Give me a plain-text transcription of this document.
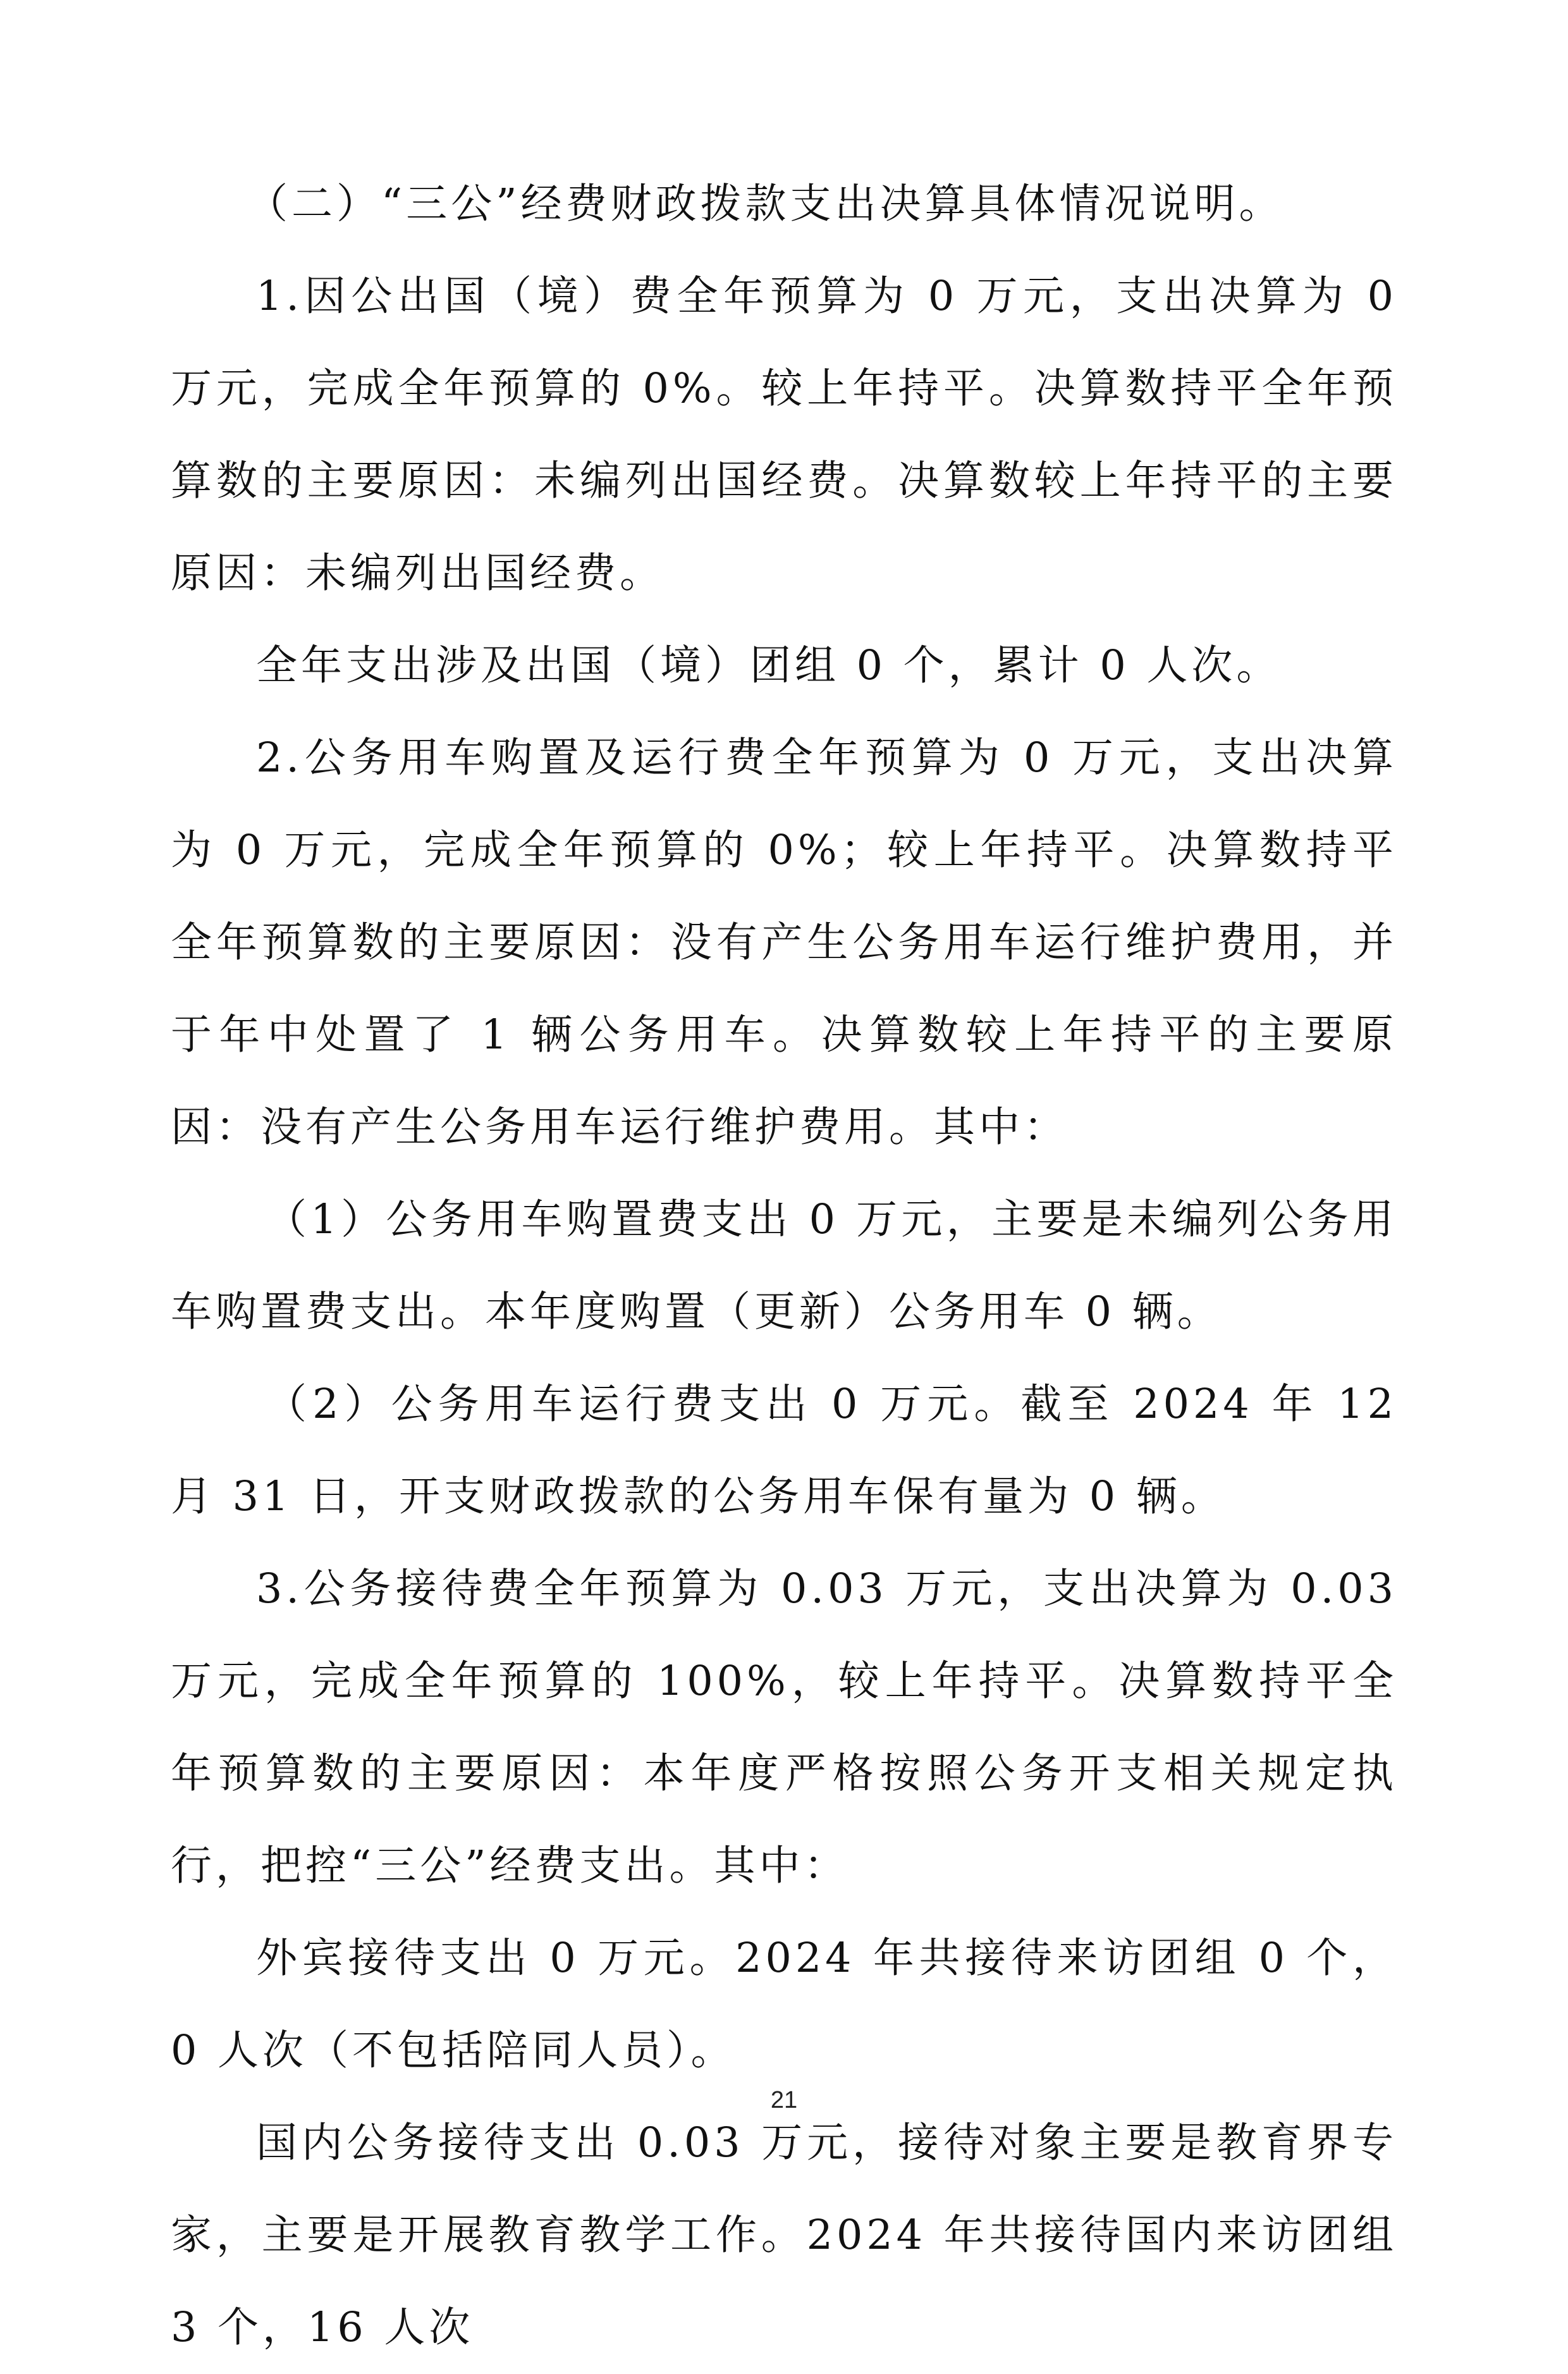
（二）“三公”经费财政拨款支出决算具体情况说明。

1.因公出国（境）费全年预算为 0 万元，支出决算为 0 万元，完成全年预算的 0%。较上年持平。决算数持平全年预算数的主要原因：未编列出国经费。决算数较上年持平的主要原因：未编列出国经费。

全年支出涉及出国（境）团组 0 个，累计 0 人次。

2.公务用车购置及运行费全年预算为 0 万元，支出决算为 0 万元，完成全年预算的 0%；较上年持平。决算数持平全年预算数的主要原因：没有产生公务用车运行维护费用，并于年中处置了 1 辆公务用车。决算数较上年持平的主要原因：没有产生公务用车运行维护费用。其中：

（1）公务用车购置费支出 0 万元，主要是未编列公务用车购置费支出。本年度购置（更新）公务用车 0 辆。

（2）公务用车运行费支出 0 万元。截至 2024 年 12 月 31 日，开支财政拨款的公务用车保有量为 0 辆。

3.公务接待费全年预算为 0.03 万元，支出决算为 0.03 万元，完成全年预算的 100%，较上年持平。决算数持平全年预算数的主要原因：本年度严格按照公务开支相关规定执行，把控“三公”经费支出。其中：

外宾接待支出 0 万元。2024 年共接待来访团组 0 个，0 人次（不包括陪同人员）。

国内公务接待支出 0.03 万元，接待对象主要是教育界专家，主要是开展教育教学工作。2024 年共接待国内来访团组 3 个，16 人次

21
